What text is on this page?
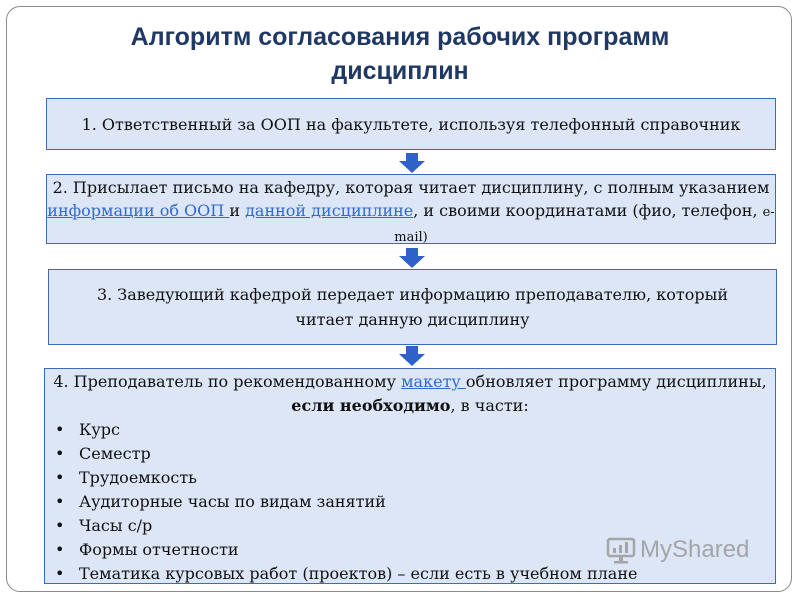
Алгоритм согласования рабочих программ
дисциплин
1. Ответственный за ООП на факультете, используя телефонный справочник
2. Присылает письмо на кафедру, которая читает дисциплину, с полным указанием информации об ООП и данной дисциплине, и своими координатами (фио, телефон, e-mail)
3. Заведующий кафедрой передает информацию преподавателю, который читает данную дисциплину
4. Преподаватель по рекомендованному макету обновляет программу дисциплины, если необходимо, в части:
• Курс
• Семестр
• Трудоемкость
• Аудиторные часы по видам занятий
• Часы с/р
• Формы отчетности
• Тематика курсовых работ (проектов) – если есть в учебном плане
MyShared
